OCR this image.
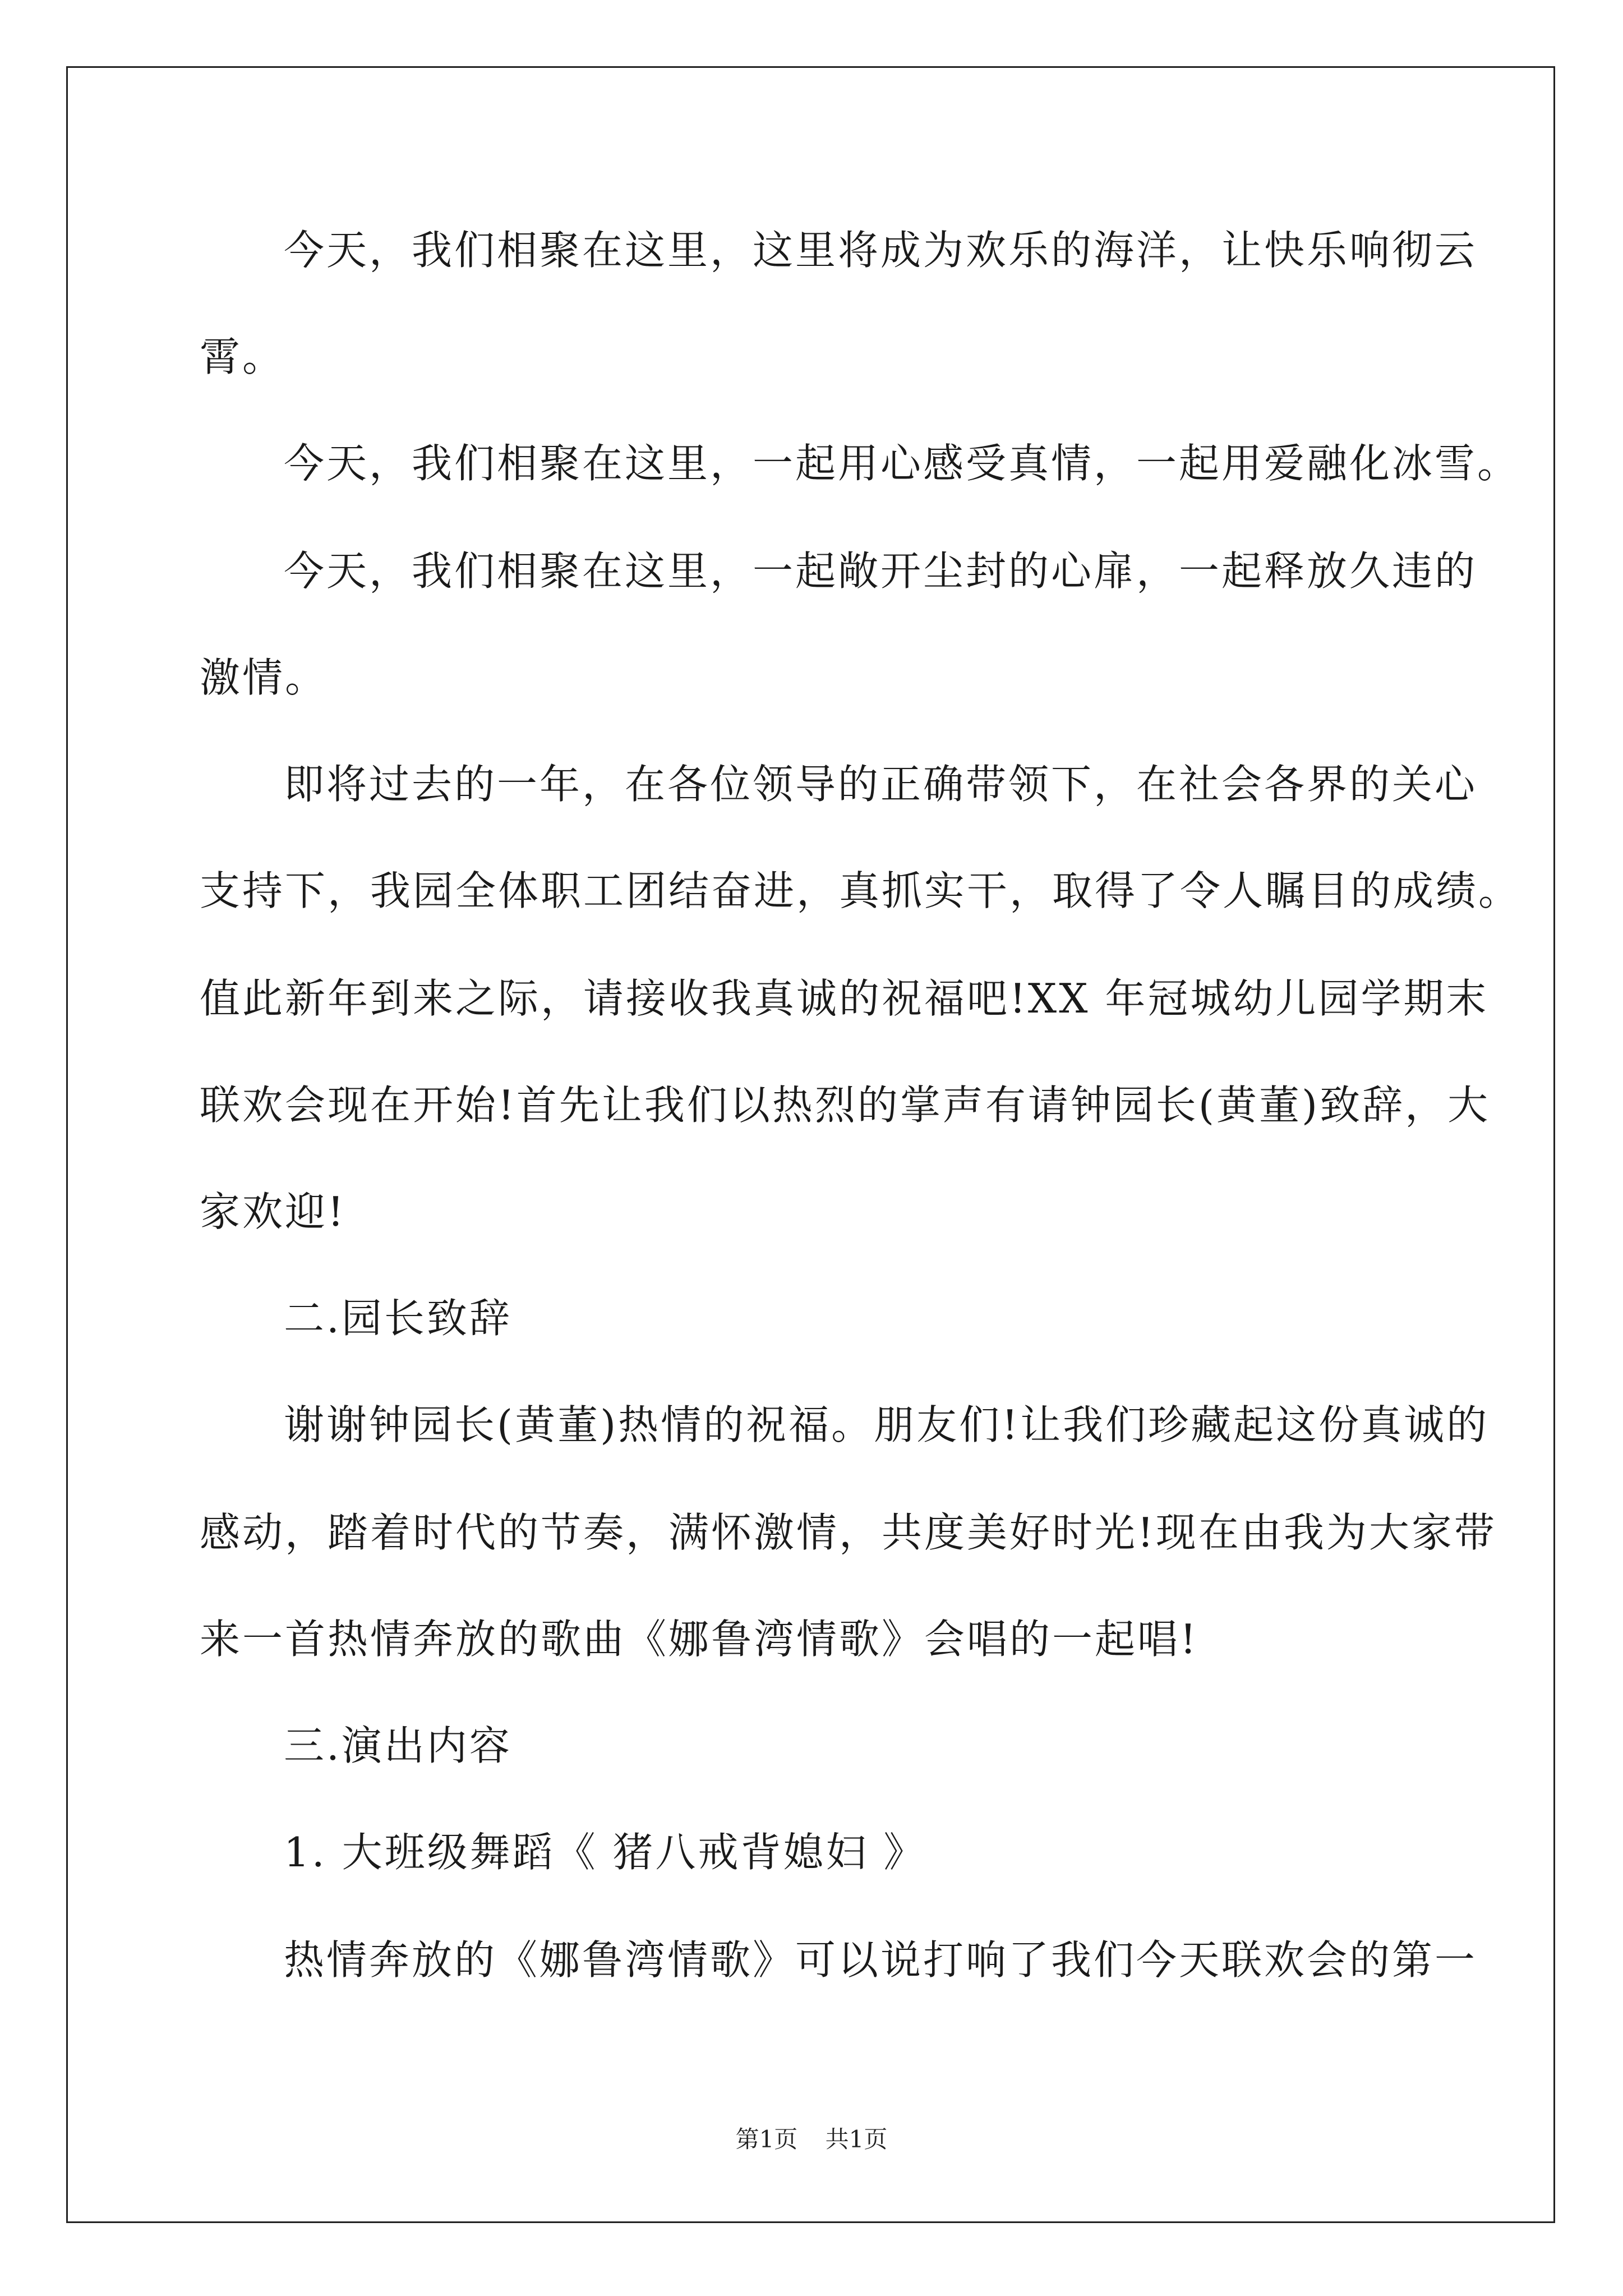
今天，我们相聚在这里，这里将成为欢乐的海洋，让快乐响彻云
霄。
今天，我们相聚在这里，一起用心感受真情，一起用爱融化冰雪。
今天，我们相聚在这里，一起敞开尘封的心扉，一起释放久违的
激情。
即将过去的一年，在各位领导的正确带领下，在社会各界的关心
支持下，我园全体职工团结奋进，真抓实干，取得了令人瞩目的成绩。
值此新年到来之际，请接收我真诚的祝福吧!XX 年冠城幼儿园学期末
联欢会现在开始!首先让我们以热烈的掌声有请钟园长(黄董)致辞，大
家欢迎!
二.园长致辞
谢谢钟园长(黄董)热情的祝福。朋友们!让我们珍藏起这份真诚的
感动，踏着时代的节奏，满怀激情，共度美好时光!现在由我为大家带
来一首热情奔放的歌曲《娜鲁湾情歌》会唱的一起唱!
三.演出内容
1. 大班级舞蹈《 猪八戒背媳妇 》
热情奔放的《娜鲁湾情歌》可以说打响了我们今天联欢会的第一
第1页 共1页
